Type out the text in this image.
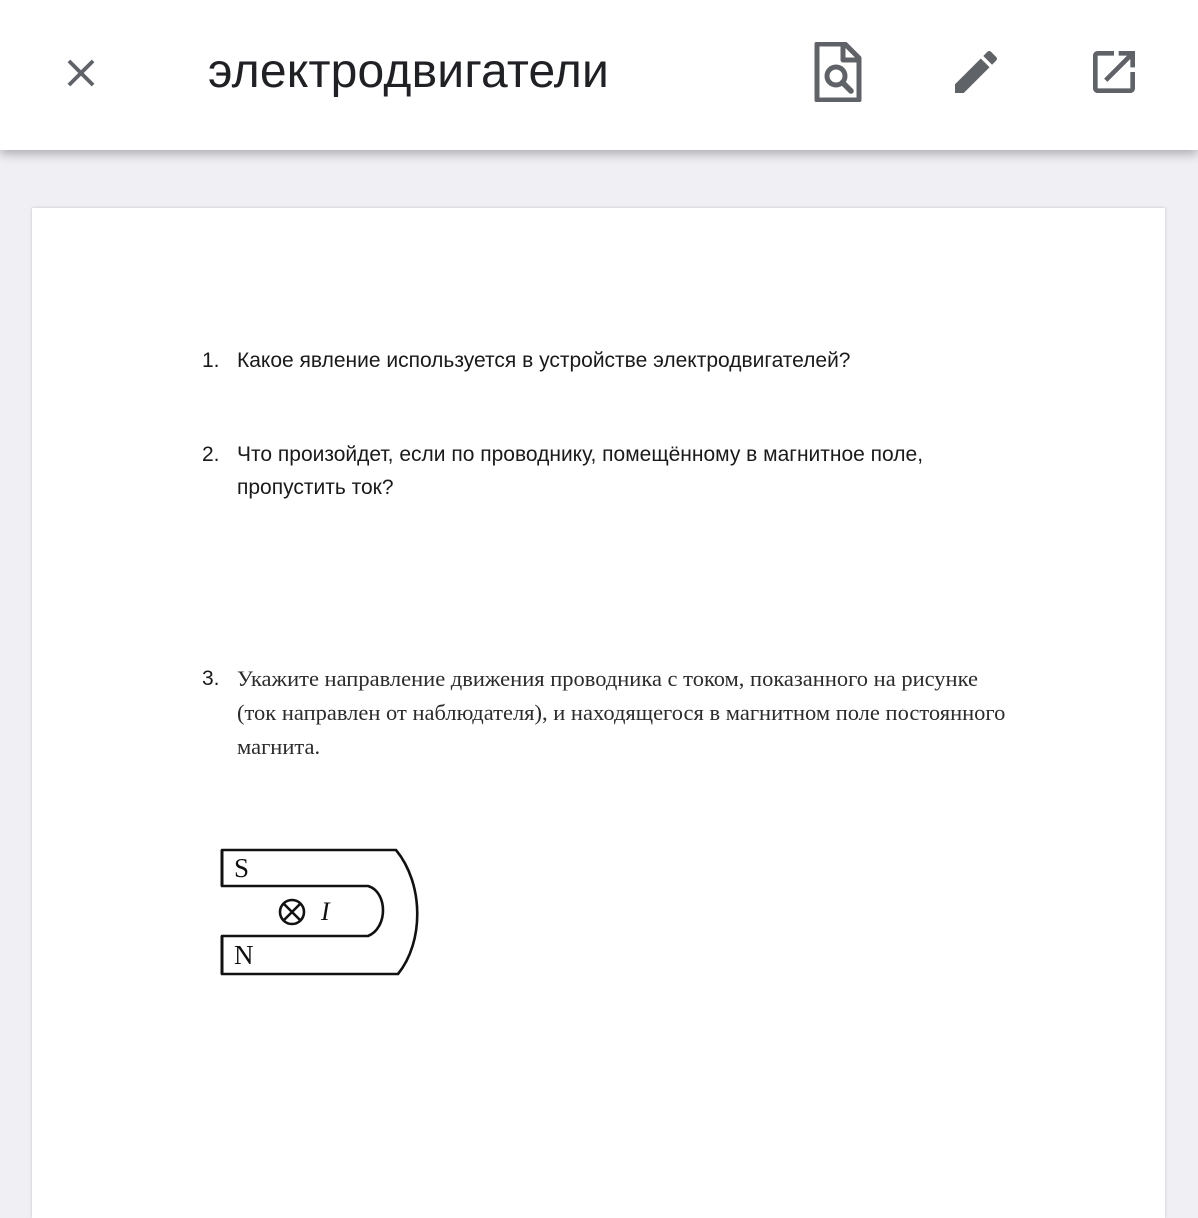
электродвигатели
1. Какое явление используется в устройстве электродвигателей?
2. Что произойдет, если по проводнику, помещённому в магнитное поле, пропустить ток?
3. Укажите направление движения проводника с током, показанного на рисунке (ток направлен от наблюдателя), и находящегося в магнитном поле постоянного магнита.
S
N
I
